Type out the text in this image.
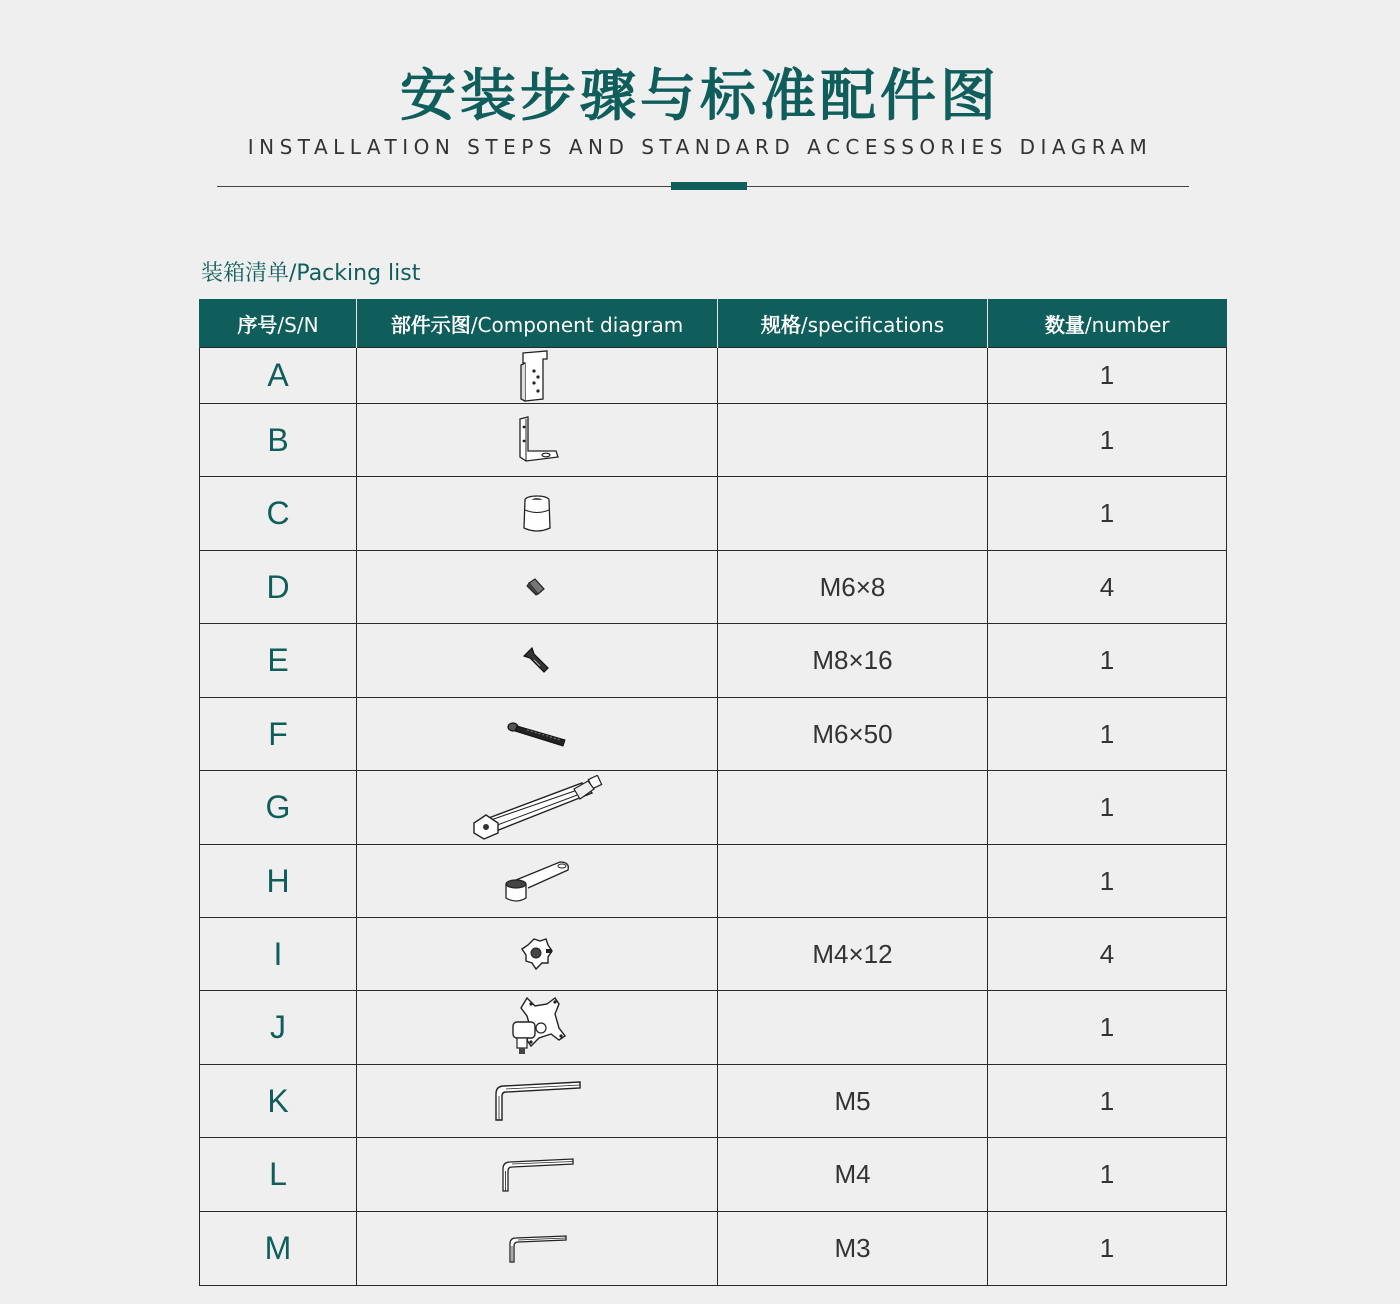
安装步骤与标准配件图
INSTALLATION STEPS AND STANDARD ACCESSORIES DIAGRAM
装箱清单/Packing list
序号/S/N	部件示图/Component diagram	规格/specifications	数量/number
A			1
B			1
C			1
D		M6×8	4
E		M8×16	1
F		M6×50	1
G			1
H			1
I		M4×12	4
J			1
K		M5	1
L		M4	1
M		M3	1
